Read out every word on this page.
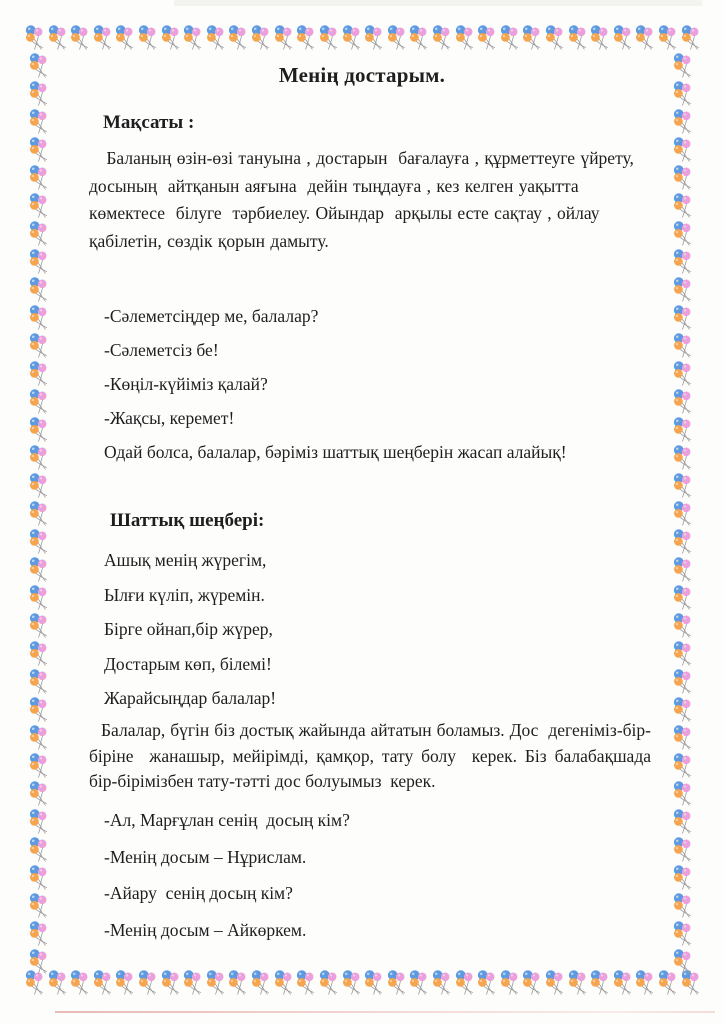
Менің достарым.
Мақсаты :
Баланың өзін-өзі тануына , достарын  бағалауға , құрметтеуге үйрету, досының  айтқанын аяғына  дейін тыңдауға , кез келген уақытта  көмектесе  білуге  тәрбиелеу. Ойындар  арқылы есте сақтау , ойлау қабілетін, сөздік қорын дамыту.
-Сәлеметсіңдер ме, балалар?
-Сәлеметсіз бе!
-Көңіл-күйіміз қалай?
-Жақсы, керемет!
Одай болса, балалар, бәріміз шаттық шеңберін жасап алайық!
Шаттық шеңбері:
Ашық менің жүрегім,
Ылғи күліп, жүремін.
Бірге ойнап,бір жүрер,
Достарым көп, білемі!
Жарайсыңдар балалар!
Балалар, бүгін біз достық жайында айтатын боламыз. Дос  дегеніміз-бір-біріне  жанашыр, мейірімді, қамқор, тату болу  керек. Біз балабақшада  бір-бірімізбен тату-тәтті дос болуымыз  керек.
-Ал, Марғұлан сенің  досың кім?
-Менің досым – Нұрислам.
-Айару  сенің досың кім?
-Менің досым – Айкөркем.
